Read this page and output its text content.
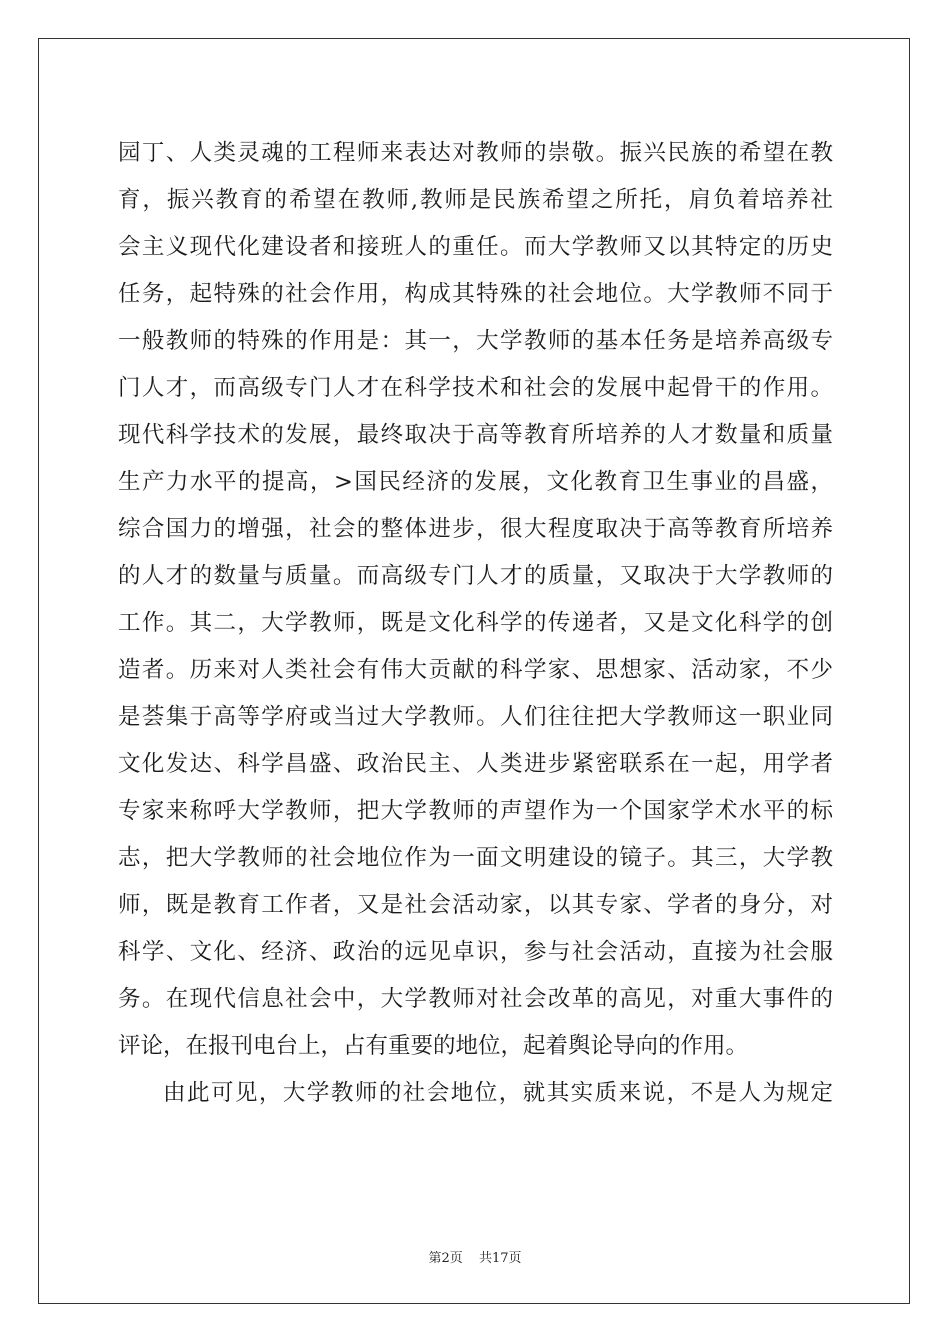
园丁、人类灵魂的工程师来表达对教师的崇敬。振兴民族的希望在教
育，振兴教育的希望在教师,教师是民族希望之所托，肩负着培养社
会主义现代化建设者和接班人的重任。而大学教师又以其特定的历史
任务，起特殊的社会作用，构成其特殊的社会地位。大学教师不同于
一般教师的特殊的作用是：其一，大学教师的基本任务是培养高级专
门人才，而高级专门人才在科学技术和社会的发展中起骨干的作用。
现代科学技术的发展，最终取决于高等教育所培养的人才数量和质量
生产力水平的提高，>国民经济的发展，文化教育卫生事业的昌盛，
综合国力的增强，社会的整体进步，很大程度取决于高等教育所培养
的人才的数量与质量。而高级专门人才的质量，又取决于大学教师的
工作。其二，大学教师，既是文化科学的传递者，又是文化科学的创
造者。历来对人类社会有伟大贡献的科学家、思想家、活动家，不少
是荟集于高等学府或当过大学教师。人们往往把大学教师这一职业同
文化发达、科学昌盛、政治民主、人类进步紧密联系在一起，用学者
专家来称呼大学教师，把大学教师的声望作为一个国家学术水平的标
志，把大学教师的社会地位作为一面文明建设的镜子。其三，大学教
师，既是教育工作者，又是社会活动家，以其专家、学者的身分，对
科学、文化、经济、政治的远见卓识，参与社会活动，直接为社会服
务。在现代信息社会中，大学教师对社会改革的高见，对重大事件的
评论，在报刊电台上，占有重要的地位，起着舆论导向的作用。
由此可见，大学教师的社会地位，就其实质来说，不是人为规定
第2页 共17页
